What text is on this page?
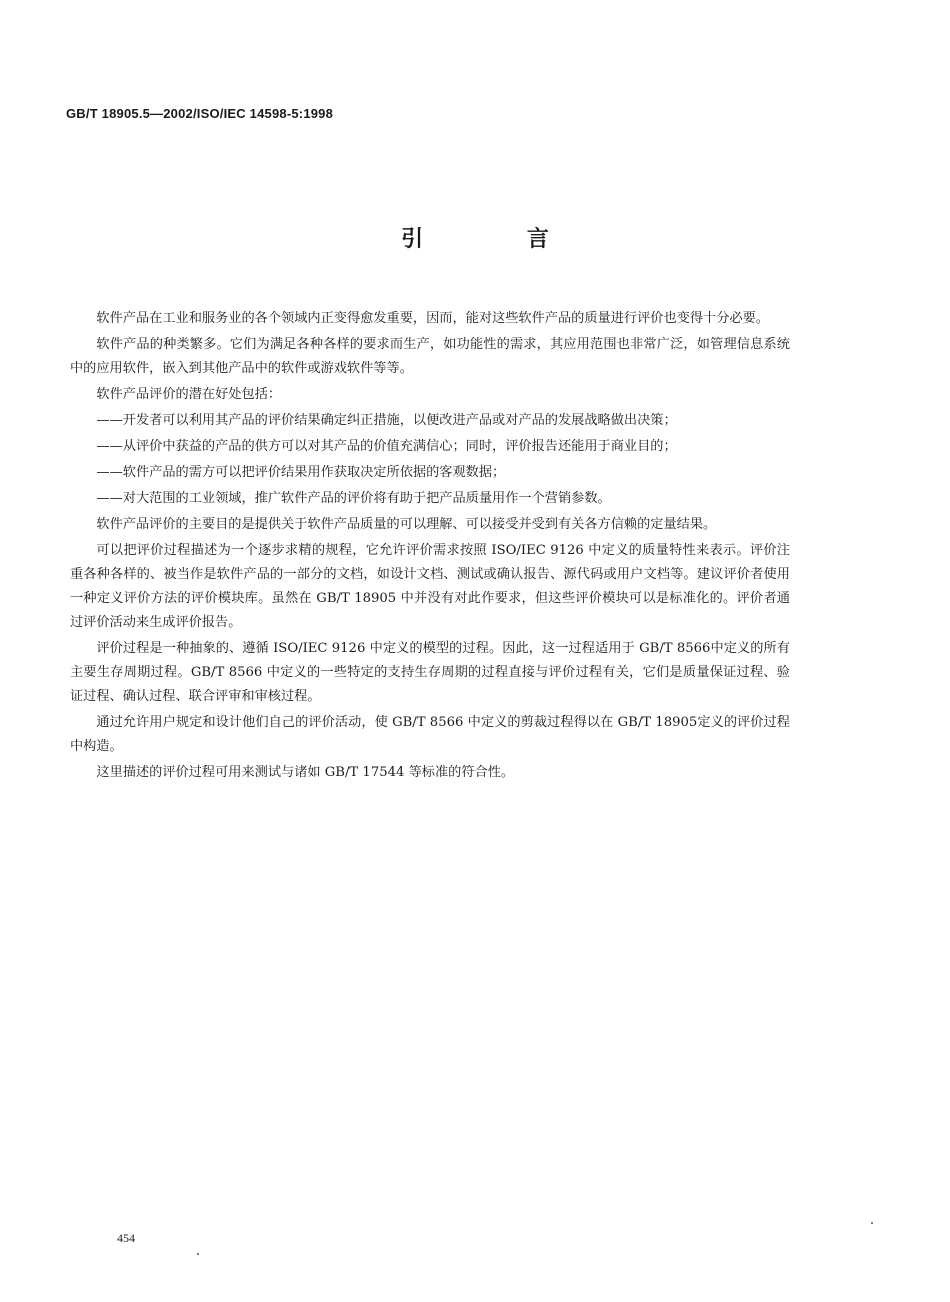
GB/T 18905.5—2002/ISO/IEC 14598-5:1998
引 言

软件产品在工业和服务业的各个领域内正变得愈发重要，因而，能对这些软件产品的质量进行评价也变得十分必要。

软件产品的种类繁多。它们为满足各种各样的要求而生产，如功能性的需求，其应用范围也非常广泛，如管理信息系统中的应用软件，嵌入到其他产品中的软件或游戏软件等等。

软件产品评价的潜在好处包括：

——开发者可以利用其产品的评价结果确定纠正措施，以便改进产品或对产品的发展战略做出决策；

——从评价中获益的产品的供方可以对其产品的价值充满信心；同时，评价报告还能用于商业目的；

——软件产品的需方可以把评价结果用作获取决定所依据的客观数据；

——对大范围的工业领域，推广软件产品的评价将有助于把产品质量用作一个营销参数。

软件产品评价的主要目的是提供关于软件产品质量的可以理解、可以接受并受到有关各方信赖的定量结果。

可以把评价过程描述为一个逐步求精的规程，它允许评价需求按照 ISO/IEC 9126 中定义的质量特性来表示。评价注重各种各样的、被当作是软件产品的一部分的文档，如设计文档、测试或确认报告、源代码或用户文档等。建议评价者使用一种定义评价方法的评价模块库。虽然在 GB/T 18905 中并没有对此作要求，但这些评价模块可以是标准化的。评价者通过评价活动来生成评价报告。

评价过程是一种抽象的、遵循 ISO/IEC 9126 中定义的模型的过程。因此，这一过程适用于 GB/T 8566中定义的所有主要生存周期过程。GB/T 8566 中定义的一些特定的支持生存周期的过程直接与评价过程有关，它们是质量保证过程、验证过程、确认过程、联合评审和审核过程。

通过允许用户规定和设计他们自己的评价活动，使 GB/T 8566 中定义的剪裁过程得以在 GB/T 18905定义的评价过程中构造。

这里描述的评价过程可用来测试与诸如 GB/T 17544 等标准的符合性。

454
